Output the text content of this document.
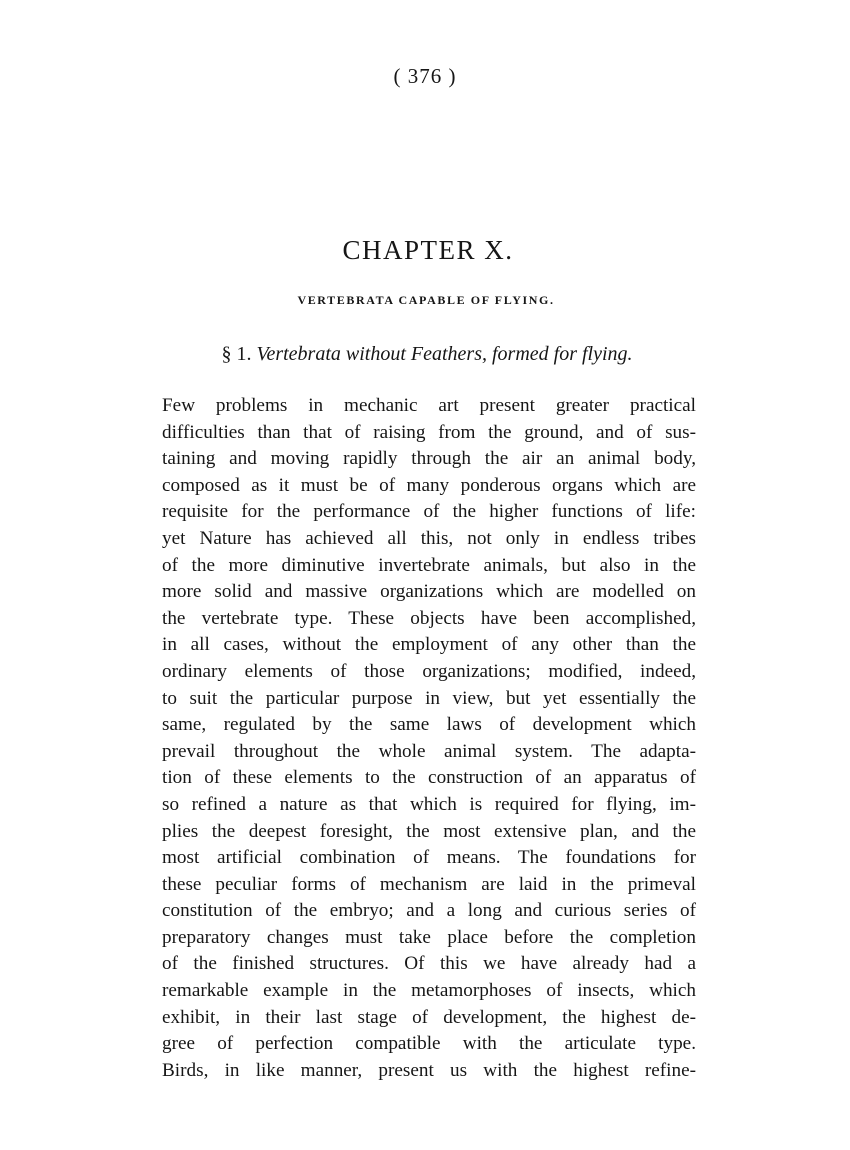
( 376 )
CHAPTER X.
VERTEBRATA CAPABLE OF FLYING.
§ 1. Vertebrata without Feathers, formed for flying.
Few problems in mechanic art present greater practical
difficulties than that of raising from the ground, and of sus-
taining and moving rapidly through the air an animal body,
composed as it must be of many ponderous organs which are
requisite for the performance of the higher functions of life:
yet Nature has achieved all this, not only in endless tribes
of the more diminutive invertebrate animals, but also in the
more solid and massive organizations which are modelled on
the vertebrate type. These objects have been accomplished,
in all cases, without the employment of any other than the
ordinary elements of those organizations; modified, indeed,
to suit the particular purpose in view, but yet essentially the
same, regulated by the same laws of development which
prevail throughout the whole animal system. The adapta-
tion of these elements to the construction of an apparatus of
so refined a nature as that which is required for flying, im-
plies the deepest foresight, the most extensive plan, and the
most artificial combination of means. The foundations for
these peculiar forms of mechanism are laid in the primeval
constitution of the embryo; and a long and curious series of
preparatory changes must take place before the completion
of the finished structures. Of this we have already had a
remarkable example in the metamorphoses of insects, which
exhibit, in their last stage of development, the highest de-
gree of perfection compatible with the articulate type.
Birds, in like manner, present us with the highest refine-
